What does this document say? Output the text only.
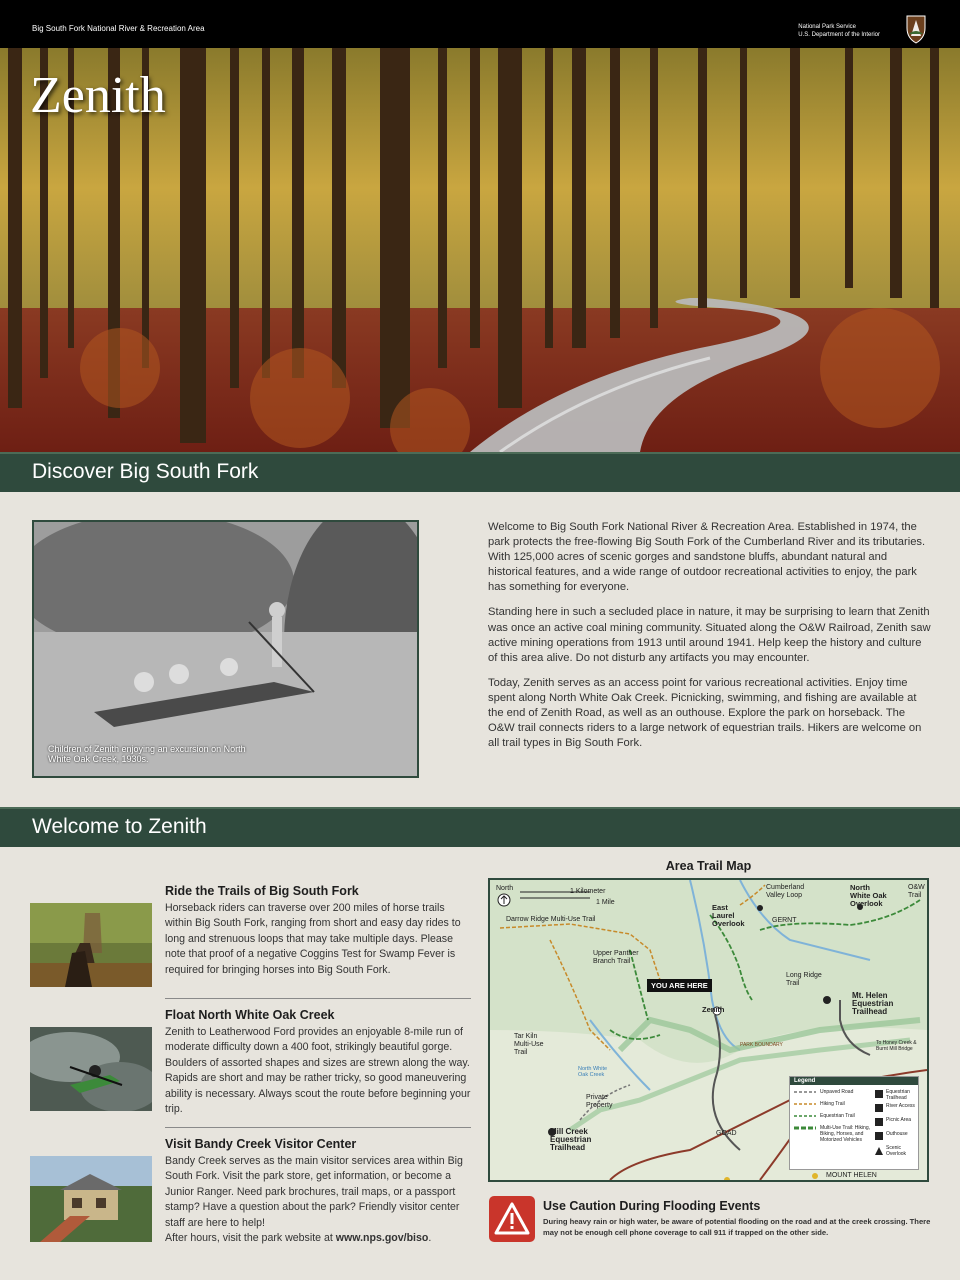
Big South Fork National River & Recreation Area	National Park Service
U.S. Department of the Interior
Zenith
Discover Big South Fork
Children of Zenith enjoying an excursion on North White Oak Creek, 1930s.

Welcome to Big South Fork National River & Recreation Area. Established in 1974, the park protects the free-flowing Big South Fork of the Cumberland River and its tributaries. With 125,000 acres of scenic gorges and sandstone bluffs, abundant natural and historical features, and a wide range of outdoor recreational activities to enjoy, the park has something for everyone.

Standing here in such a secluded place in nature, it may be surprising to learn that Zenith was once an active coal mining community. Situated along the O&W Railroad, Zenith saw active mining operations from 1913 until around 1941. Help keep the history and culture of this area alive. Do not disturb any artifacts you may encounter.

Today, Zenith serves as an access point for various recreational activities. Enjoy time spent along North White Oak Creek. Picnicking, swimming, and fishing are available at the end of Zenith Road, as well as an outhouse. Explore the park on horseback. The O&W trail connects riders to a large network of equestrian trails. Hikers are welcome on all trail types in Big South Fork.

Welcome to Zenith
Ride the Trails of Big South Fork

Horseback riders can traverse over 200 miles of horse trails within Big South Fork, ranging from short and easy day rides to long and strenuous loops that may take multiple days. Please note that proof of a negative Coggins Test for Swamp Fever is required for bringing horses into Big South Fork.

Float North White Oak Creek

Zenith to Leatherwood Ford provides an enjoyable 8-mile run of moderate difficulty down a 400 foot, strikingly beautiful gorge. Boulders of assorted shapes and sizes are strewn along the way. Rapids are short and may be rather tricky, so good maneuvering ability is necessary. Always scout the route before beginning your trip.

Visit Bandy Creek Visitor Center

Bandy Creek serves as the main visitor services area within Big South Fork. Visit the park store, get information, or become a Junior Ranger. Need park brochures, trail maps, or a passport stamp? Have a question about the park? Friendly visitor center staff are here to help!
After hours, visit the park website at www.nps.gov/biso.

Area Trail Map
North	1 Kilometer
1 Mile
Zenith
YOU ARE HERE
Mt. Helen Equestrian Trailhead
Mill Creek Equestrian Trailhead
East Laurel Overlook
North White Oak Overlook
Cumberland Valley Loop
O&W Trail
Long Ridge Trail
Upper Panther Branch Trail
Darrow Ridge Multi-Use Trail
Tar Kiln Multi-Use Trail
Private Property
GOAD
MOUNT HELEN
PARK BOUNDARY	To Honey Creek & Burnt Mill Bridge
GERNT
North White Oak Creek
Legend
Unpaved Road
Hiking Trail
Equestrian Trail
Multi-Use Trail: Hiking, Biking, Horses, and Motorized Vehicles
Equestrian Trailhead
River Access
Picnic Area
Outhouse
Scenic Overlook
Use Caution During Flooding Events
During heavy rain or high water, be aware of potential flooding on the road and at the creek crossing. There may not be enough cell phone coverage to call 911 if trapped on the other side.
